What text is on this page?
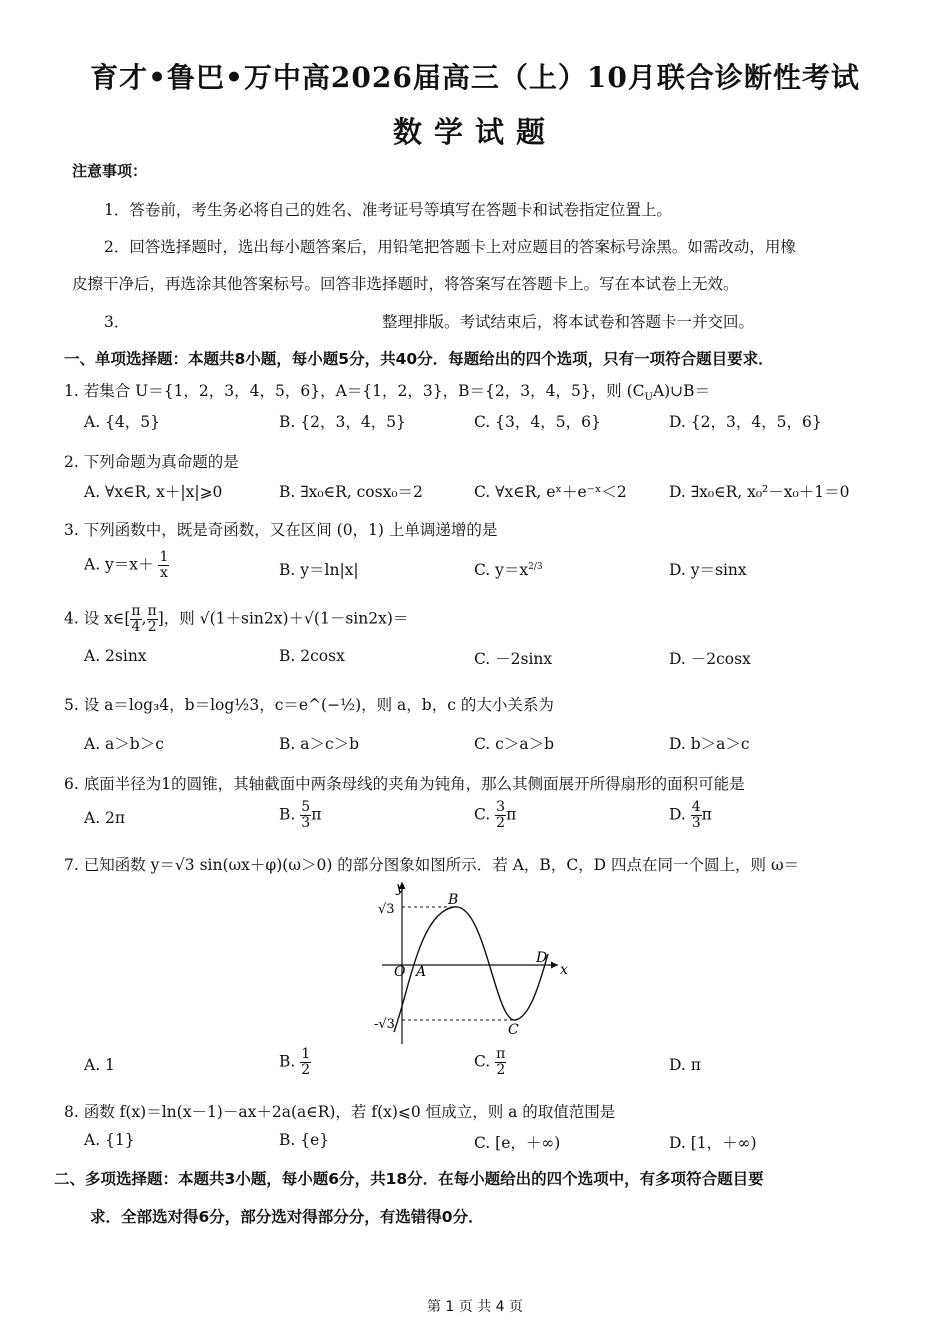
育才•鲁巴•万中高2026届高三（上）10月联合诊断性考试
数学试题
注意事项：
1．答卷前，考生务必将自己的姓名、准考证号等填写在答题卡和试卷指定位置上。
2．回答选择题时，选出每小题答案后，用铅笔把答题卡上对应题目的答案标号涂黑。如需改动，用橡
皮擦干净后，再选涂其他答案标号。回答非选择题时，将答案写在答题卡上。写在本试卷上无效。
3．	整理排版。考试结束后，将本试卷和答题卡一并交回。
一、单项选择题：本题共8小题，每小题5分，共40分．每题给出的四个选项，只有一项符合题目要求．
1. 若集合 U＝{1，2，3，4，5，6}，A＝{1，2，3}，B＝{2，3，4，5}，则 $(C_UA)\cup B=$
A. {4，5}	B. {2，3，4，5}	C. {3，4，5，6}	D. {2，3，4，5，6}
2. 下列命题为真命题的是
A. ∀x∈R, x＋|x|⩾0	B. ∃x₀∈R, cosx₀＝2	C. ∀x∈R, eˣ＋e⁻ˣ＜2	D. ∃x₀∈R, x₀²－x₀＋1＝0
3. 下列函数中，既是奇函数，又在区间 (0，1) 上单调递增的是
A. $y=x+ \frac{1}{x}$	B. y＝ln|x|	C. $y=x^{2/3}$	D. y＝sinx
4. 设 x∈[ $\frac{\pi}{4}$ , $\frac{\pi}{2}$ ]，则 √(1＋sin2x)＋√(1－sin2x)＝
A. 2sinx	B. 2cosx	C. －2sinx	D. －2cosx
5. 设 a＝log₃4，b＝log½3，c＝e^(−½)，则 a，b，c 的大小关系为
A. a＞b＞c	B. a＞c＞b	C. c＞a＞b	D. b＞a＞c
6. 底面半径为1的圆锥，其轴截面中两条母线的夹角为钝角，那么其侧面展开所得扇形的面积可能是
A. 2π	B. $\frac{5}{3}$ π	C. $\frac{3}{2}$ π	D. $\frac{4}{3}$ π
7. 已知函数 y＝√3 sin(ωx＋φ)(ω＞0) 的部分图象如图所示．若 A，B，C，D 四点在同一个圆上，则 ω＝
y
x
O A
B
C
D
√3
-√3
A. 1	B. $\frac{1}{2}$	C. $\frac{\pi}{2}$	D. π
8. 函数 f(x)＝ln(x－1)－ax＋2a(a∈R)，若 f(x)⩽0 恒成立，则 a 的取值范围是
A. {1}	B. {e}	C. [e，＋∞)	D. [1，＋∞)
二、多项选择题：本题共3小题，每小题6分，共18分．在每小题给出的四个选项中，有多项符合题目要
求．全部选对得6分，部分选对得部分分，有选错得0分．
第 1 页 共 4 页
